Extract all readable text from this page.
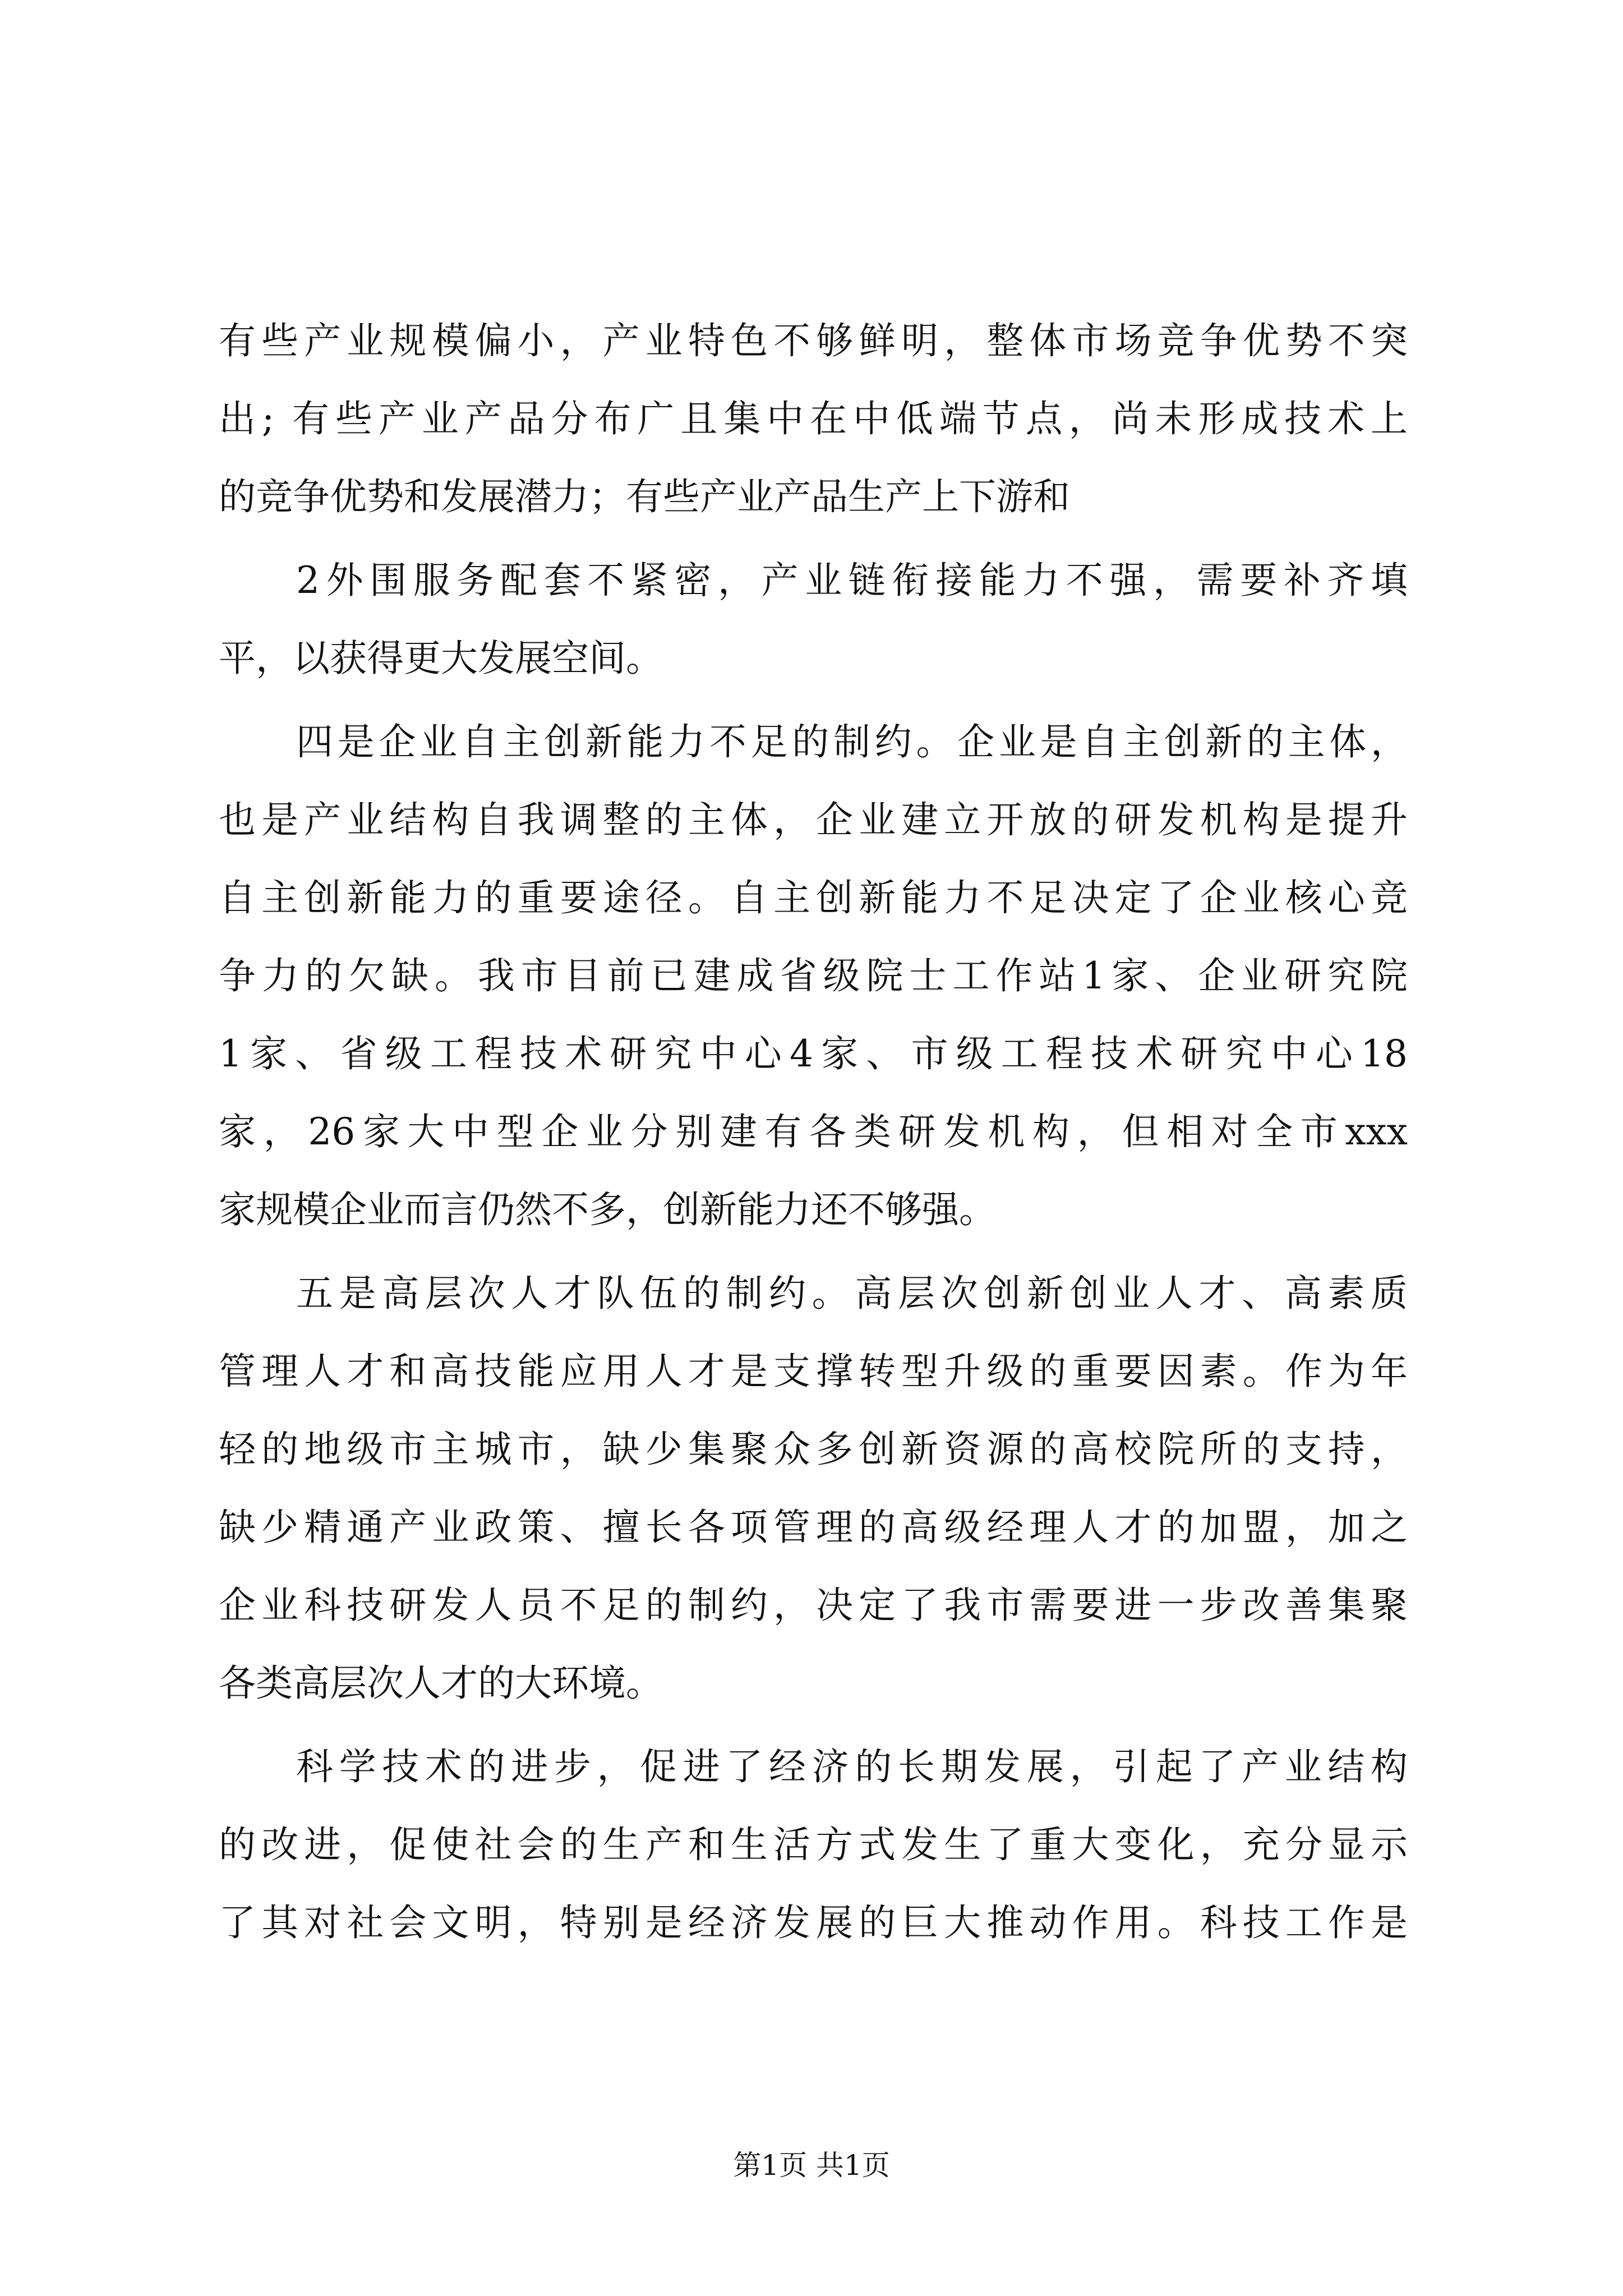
有些产业规模偏小，产业特色不够鲜明，整体市场竞争优势不突
出; 有些产业产品分布广且集中在中低端节点，尚未形成技术上
的竞争优势和发展潜力；有些产业产品生产上下游和
2外围服务配套不紧密，产业链衔接能力不强，需要补齐填
平，以获得更大发展空间。
四是企业自主创新能力不足的制约。企业是自主创新的主体，
也是产业结构自我调整的主体，企业建立开放的研发机构是提升
自主创新能力的重要途径。自主创新能力不足决定了企业核心竞
争力的欠缺。我市目前已建成省级院士工作站1家、企业研究院
1家、省级工程技术研究中心4家、市级工程技术研究中心18
家，26家大中型企业分别建有各类研发机构，但相对全市xxx
家规模企业而言仍然不多，创新能力还不够强。
五是高层次人才队伍的制约。高层次创新创业人才、高素质
管理人才和高技能应用人才是支撑转型升级的重要因素。作为年
轻的地级市主城市，缺少集聚众多创新资源的高校院所的支持，
缺少精通产业政策、擅长各项管理的高级经理人才的加盟，加之
企业科技研发人员不足的制约，决定了我市需要进一步改善集聚
各类高层次人才的大环境。
科学技术的进步，促进了经济的长期发展，引起了产业结构
的改进，促使社会的生产和生活方式发生了重大变化，充分显示
了其对社会文明，特别是经济发展的巨大推动作用。科技工作是
第1页 共1页
